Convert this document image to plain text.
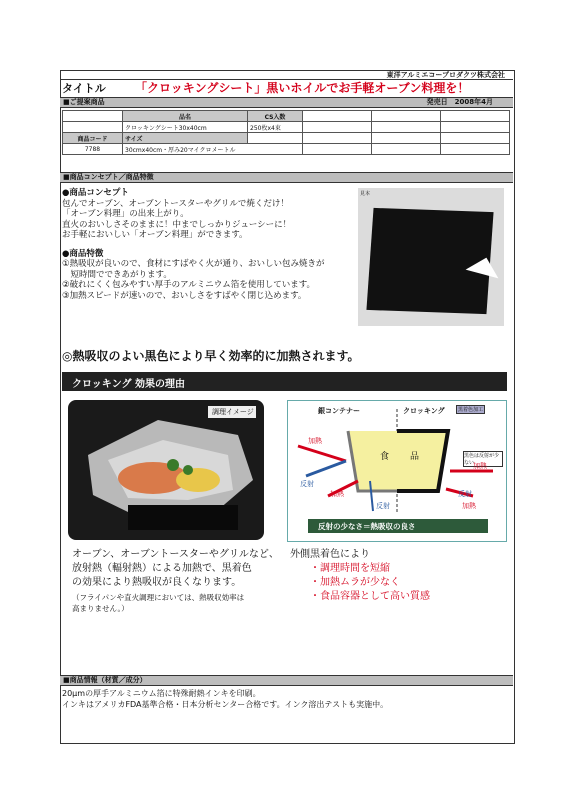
東洋アルミエコープロダクツ株式会社
タイトル 「クロッキングシート」黒いホイルでお手軽オーブン料理を！
■ご提案商品	発売日　2008年4月
	品名	CS入数			
	クロッキングシート30x40cm	250枚x4束			
商品コード	サイズ				
7788	30cmx40cm・厚み20マイクロメートル				
■商品コンセプト／商品特徴

●商品コンセプト

包んでオーブン、オーブントースターやグリルで焼くだけ！

「オーブン料理」の出来上がり。

直火のおいしさそのままに！中までしっかりジューシーに！

お手軽においしい「オーブン料理」ができます。

●商品特徴

①熱吸収が良いので、食材にすばやく火が通り、おいしい包み焼きが

　短時間でできあがります。

②破れにくく包みやすい厚手のアルミニウム箔を使用しています。

③加熱スピードが速いので、おいしさをすばやく閉じ込めます。

見本
◎熱吸収のよい黒色により早く効率的に加熱されます。
クロッキング 効果の理由
調理イメージ	銀コンテナー	クロッキング	黒着色加工
加熱
反射
加熱
反射
食 品	黒色は反射が少ない
加熱
反射
加熱
反射の少なさ＝熱吸収の良さ
オーブン、オーブントースターやグリルなど、
放射熱（輻射熱）による加熱で、黒着色
の効果により熱吸収が良くなります。
（フライパンや直火調理においては、熱吸収効率は
高まりません。）
外側黒着色により
・調理時間を短縮
・加熱ムラが少なく
・食品容器として高い質感
■商品情報（材質／成分）
20μmの厚手アルミニウム箔に特殊耐熱インキを印刷。
インキはアメリカFDA基準合格・日本分析センター合格です。インク溶出テストも実施中。
